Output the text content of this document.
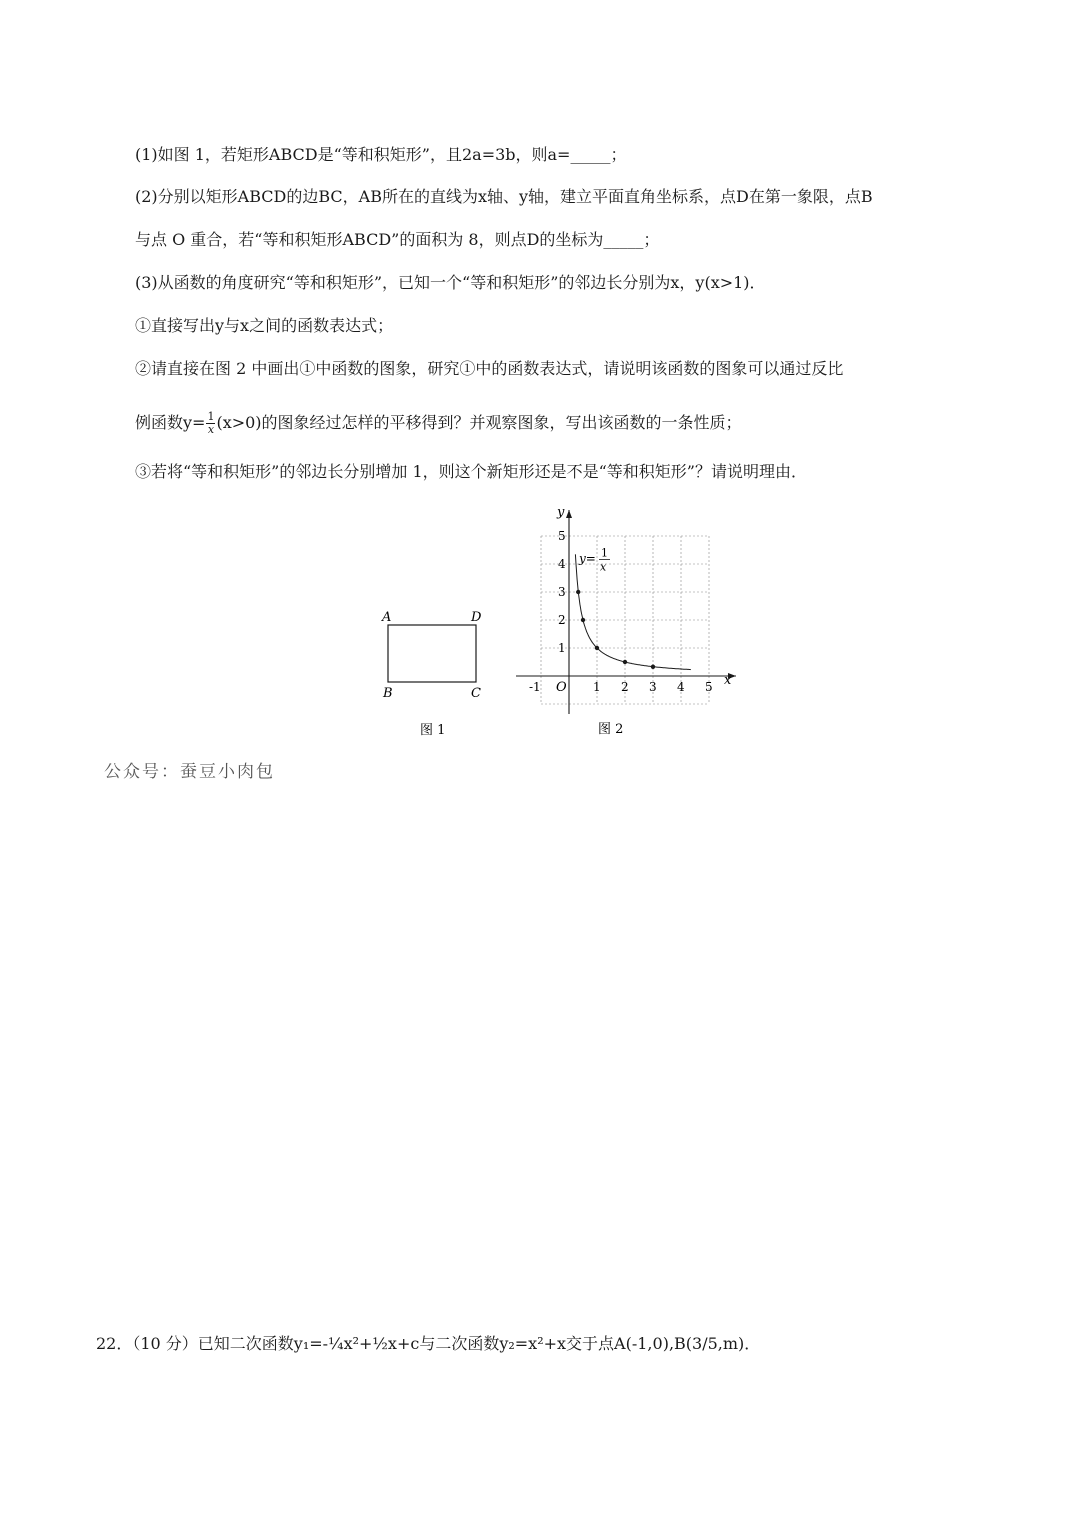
(1)如图 1，若矩形ABCD是“等和积矩形”，且2a=3b，则a=_____；
(2)分别以矩形ABCD的边BC，AB所在的直线为x轴、y轴，建立平面直角坐标系，点D在第一象限，点B
与点 O 重合，若“等和积矩形ABCD”的面积为 8，则点D的坐标为_____；
(3)从函数的角度研究“等和积矩形”，已知一个“等和积矩形”的邻边长分别为x，y(x>1)．
①直接写出y与x之间的函数表达式；
②请直接在图 2 中画出①中函数的图象，研究①中的函数表达式，请说明该函数的图象可以通过反比
例函数$y= \frac{1}{x} (x>0)$的图象经过怎样的平移得到？并观察图象，写出该函数的一条性质；
③若将“等和积矩形”的邻边长分别增加 1，则这个新矩形还是不是“等和积矩形”？请说明理由．
A	D
B	C
图 1
-1	1 2 3 4 5
1
2
3
4
5
x
y
O
y= 1
x
图 2
公众号：蚕豆小肉包
22．（10 分）已知二次函数y₁=-¼x²+½x+c与二次函数y₂=x²+x交于点A(-1,0),B(3/5,m)．
